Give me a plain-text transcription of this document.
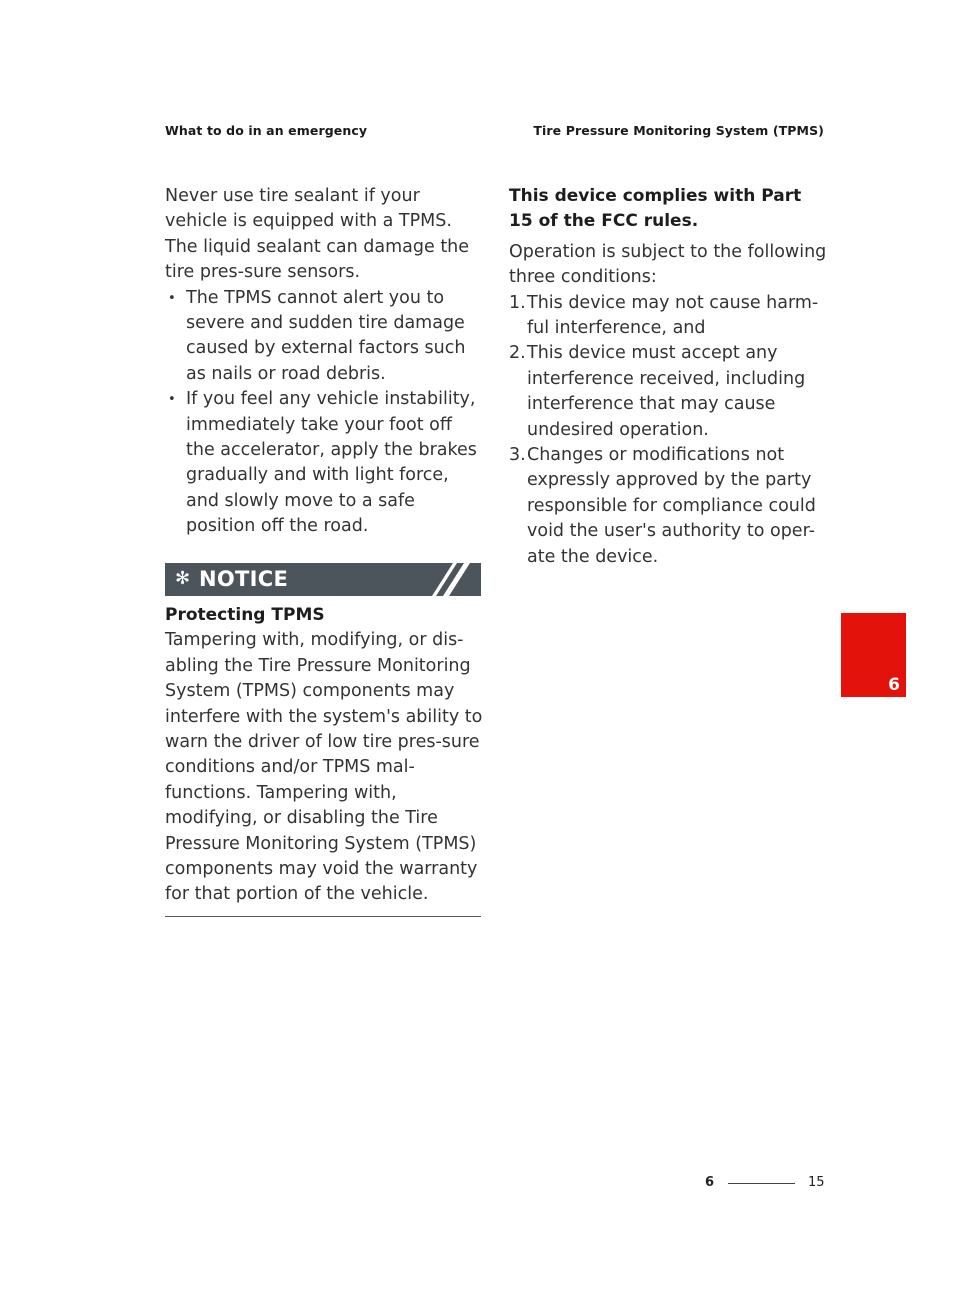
What to do in an emergency	Tire Pressure Monitoring System (TPMS)

Never use tire sealant if your vehicle is equipped with a TPMS. The liquid sealant can damage the tire pres-sure sensors.

• The TPMS cannot alert you to severe and sudden tire damage caused by external factors such as nails or road debris.
• If you feel any vehicle instability, immediately take your foot off the accelerator, apply the brakes gradually and with light force, and slowly move to a safe position off the road.
✻ NOTICE

Protecting TPMS

Tampering with, modifying, or dis-abling the Tire Pressure Monitoring System (TPMS) components may interfere with the system's ability to warn the driver of low tire pres-sure conditions and/or TPMS mal-functions. Tampering with, modifying, or disabling the Tire Pressure Monitoring System (TPMS) components may void the warranty for that portion of the vehicle.

This device complies with Part 15 of the FCC rules.

Operation is subject to the following three conditions:

1. This device may not cause harm-ful interference, and
2. This device must accept any interference received, including interference that may cause undesired operation.
3. Changes or modifications not expressly approved by the party responsible for compliance could void the user's authority to oper-ate the device.
6
6	15
